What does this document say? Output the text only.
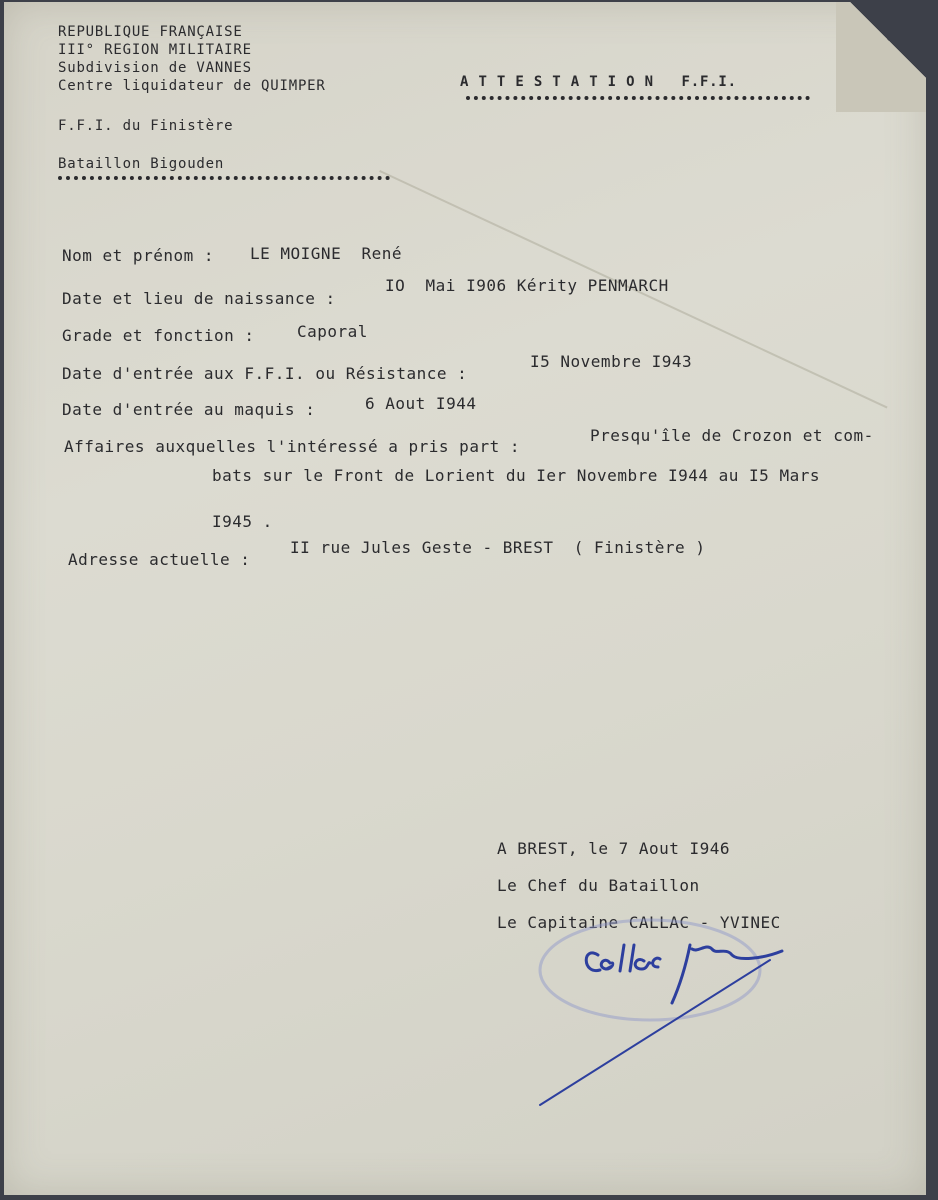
REPUBLIQUE FRANÇAISE
III° REGION MILITAIRE
Subdivision de VANNES
Centre liquidateur de QUIMPER
F.F.I. du Finistère
Bataillon Bigouden
A T T E S T A T I O N   F.F.I.
Nom et prénom : LE MOIGNE  René
Date et lieu de naissance :
IO  Mai I906 Kérity PENMARCH
Grade et fonction :	Caporal
Date d'entrée aux F.F.I. ou Résistance :
I5 Novembre I943
Date d'entrée au maquis :	6 Aout I944
Affaires auxquelles l'intéressé a pris part :
Presqu'île de Crozon et com-
bats sur le Front de Lorient du Ier Novembre I944 au I5 Mars
I945 .
Adresse actuelle :
II rue Jules Geste - BREST  ( Finistère )
A BREST, le 7 Aout I946
Le Chef du Bataillon
Le Capitaine CALLAC - YVINEC
